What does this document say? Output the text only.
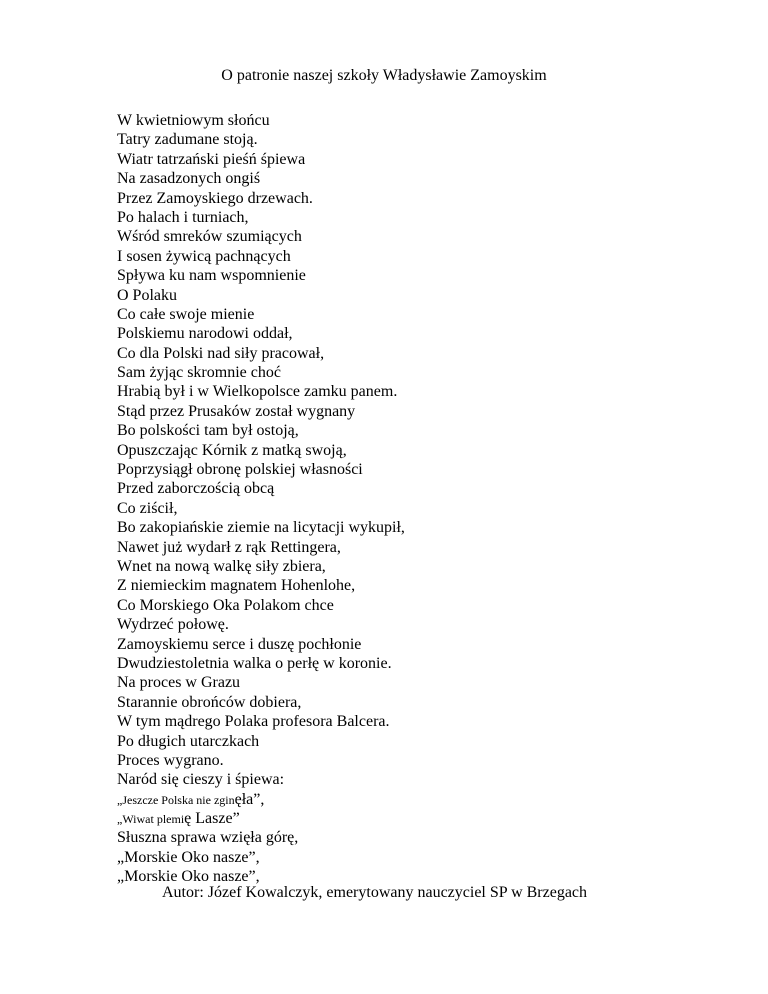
O patronie naszej szkoły Władysławie Zamoyskim
W kwietniowym słońcu
Tatry zadumane stoją.
Wiatr tatrzański pieśń śpiewa
Na zasadzonych ongiś
Przez Zamoyskiego drzewach.
Po halach i turniach,
Wśród smreków szumiących
I sosen żywicą pachnących
Spływa ku nam wspomnienie
O Polaku
Co całe swoje mienie
Polskiemu narodowi oddał,
Co dla Polski nad siły pracował,
Sam żyjąc skromnie choć
Hrabią był i w Wielkopolsce zamku panem.
Stąd przez Prusaków został wygnany
Bo polskości tam był ostoją,
Opuszczając Kórnik z matką swoją,
Poprzysiągł obronę polskiej własności
Przed zaborczością obcą
Co ziścił,
Bo zakopiańskie ziemie na licytacji wykupił,
Nawet już wydarł z rąk Rettingera,
Wnet na nową walkę siły zbiera,
Z niemieckim magnatem Hohenlohe,
Co Morskiego Oka Polakom chce
Wydrzeć połowę.
Zamoyskiemu serce i duszę pochłonie
Dwudziestoletnia walka o perłę w koronie.
Na proces w Grazu
Starannie obrońców dobiera,
W tym mądrego Polaka profesora Balcera.
Po długich utarczkach
Proces wygrano.
Naród się cieszy i śpiewa:
„Jeszcze Polska nie zginęła”,
„Wiwat plemię Lasze”
Słuszna sprawa wzięła górę,
„Morskie Oko nasze”,
„Morskie Oko nasze”,
Autor: Józef Kowalczyk, emerytowany nauczyciel SP w Brzegach
